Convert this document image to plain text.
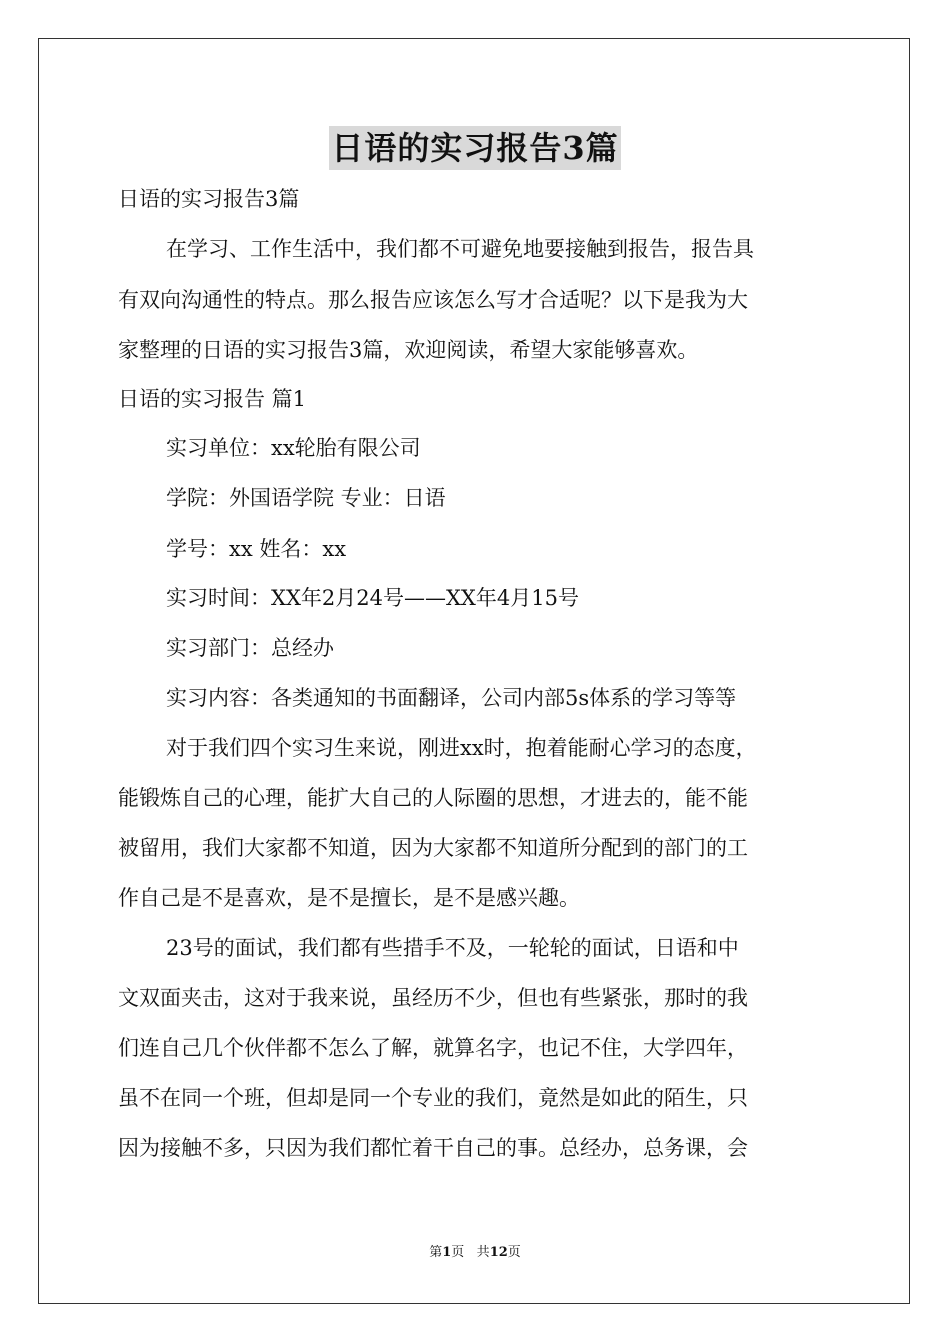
日语的实习报告3篇
日语的实习报告3篇
在学习、工作生活中，我们都不可避免地要接触到报告，报告具
有双向沟通性的特点。那么报告应该怎么写才合适呢？以下是我为大
家整理的日语的实习报告3篇，欢迎阅读，希望大家能够喜欢。
日语的实习报告 篇1
实习单位：xx轮胎有限公司
学院：外国语学院 专业：日语
学号：xx 姓名：xx
实习时间：XX年2月24号——XX年4月15号
实习部门：总经办
实习内容：各类通知的书面翻译，公司内部5s体系的学习等等
对于我们四个实习生来说，刚进xx时，抱着能耐心学习的态度，
能锻炼自己的心理，能扩大自己的人际圈的思想，才进去的，能不能
被留用，我们大家都不知道，因为大家都不知道所分配到的部门的工
作自己是不是喜欢，是不是擅长，是不是感兴趣。
23号的面试，我们都有些措手不及，一轮轮的面试，日语和中
文双面夹击，这对于我来说，虽经历不少，但也有些紧张，那时的我
们连自己几个伙伴都不怎么了解，就算名字，也记不住，大学四年，
虽不在同一个班，但却是同一个专业的我们，竟然是如此的陌生，只
因为接触不多，只因为我们都忙着干自己的事。总经办，总务课，会
第1页 共12页
